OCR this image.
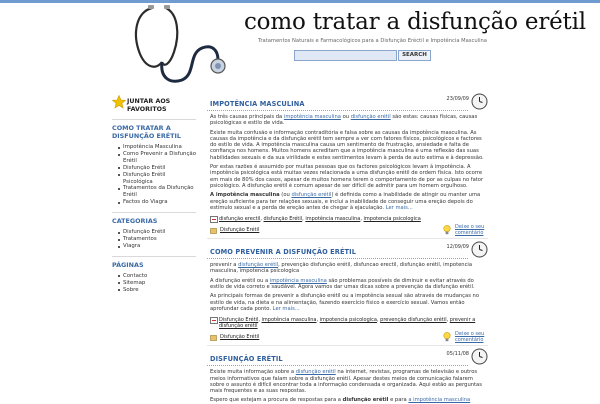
como tratar a disfunção erétil
Tratamentos Naturais e Farmacológicos para a Disfunção Eréctil e Impotência Masculina
SEARCH
JUNTAR AOS FAVORITOS
COMO TRATAR A DISFUNÇÃO ERÉTIL
Impotência Masculina
Como Prevenir a Disfunção Erétil
Disfunção Erétil
Disfunção Erétil Psicológica
Tratamentos da Disfunção Erétil
Factos do Viagra
CATEGORIAS
Disfunção Erétil
Tratamentos
Viagra
PÁGINAS
Contacto
Sitemap
Sobre
IMPOTÊNCIA MASCULINA
23/09/09

As três causas principais da impotência masculina ou disfunção erétil são estas: causas físicas, causas psicológicas e estilo de vida.

Existe muita confusão e informação contraditória e falsa sobre as causas da impotência masculina. As causas da impotência e da disfunção erétil tem sempre a ver com fatores físicos, psicológicos e factores do estilo de vida. A impotência masculina causa um sentimento de frustração, ansiedade e falta de confiança nos homens. Muitos homens acreditam que a impotência masculina é uma reflexão das suas habilidades sexuais e da sua virilidade e estes sentimentos levam à perda de auto estima e à depressão.

Por estas razões é assumido por muitas pessoas que os factores psicológicos levam à impotência. A impotência psicológica está muitas vezes relacionada a uma disfunção erétil de ordem física. Isto ocorre em mais de 80% dos casos, apesar de muitos homens terem o comportamento de por as culpas no fator psicológico. A disfunção erétil é comum apesar de ser difícil de admitir para um homem orgulhoso.

A impotência masculina (ou disfunção erétil) é definida como a inabilidade de atingir ou manter uma ereção suficiente para ter relações sexuais, e inclui a inabilidade de conseguir uma ereção depois do estímulo sexual e a perda de ereção antes de chegar à ejaculação. Ler mais...

disfunção erectil, disfunção Erétil, impotência masculina, impotencia psicologica
Disfunção Erétil	Deixe o seu comentário
COMO PREVENIR A DISFUNÇÃO ERÉTIL
12/09/09

prevenir a disfunção erétil, prevenção disfunção erétil, disfuncao erectil, disfunção erétil, impotencia masculina, impotencia psicologica

A disfunção erétil ou a impotência masculina são problemas possíveis de diminuir e evitar através do estilo de vida correto e saudável. Agora vamos dar umas dicas sobre a prevenção da disfunção erétil.

As principais formas de prevenir a disfunção erétil ou a impotência sexual são através de mudanças no estilo de vida, na dieta e na alimentação, fazendo exercício físico e exercício sexual. Vamos então aprofundar cada ponto. Ler mais...

Disfunção Erétil, impotência masculina, impotencia psicologica, prevenção disfunção erétil, prevenir a disfunção erétil
Disfunção Erétil	Deixe o seu comentário
DISFUNÇÃO ERÉTIL
05/11/08

Existe muita informação sobre a disfunção erétil na internet, revistas, programas de televisão e outros meios informativos que falam sobre a disfunção erétil. Apesar destes meios de comunicação falarem sobre o assunto é difícil encontrar toda a informação condensada e organizada. Aqui estão as perguntas mais frequentes e as suas respostas.

Espero que estejam a procura de respostas para a disfunção erétil e para a impotência masculina
